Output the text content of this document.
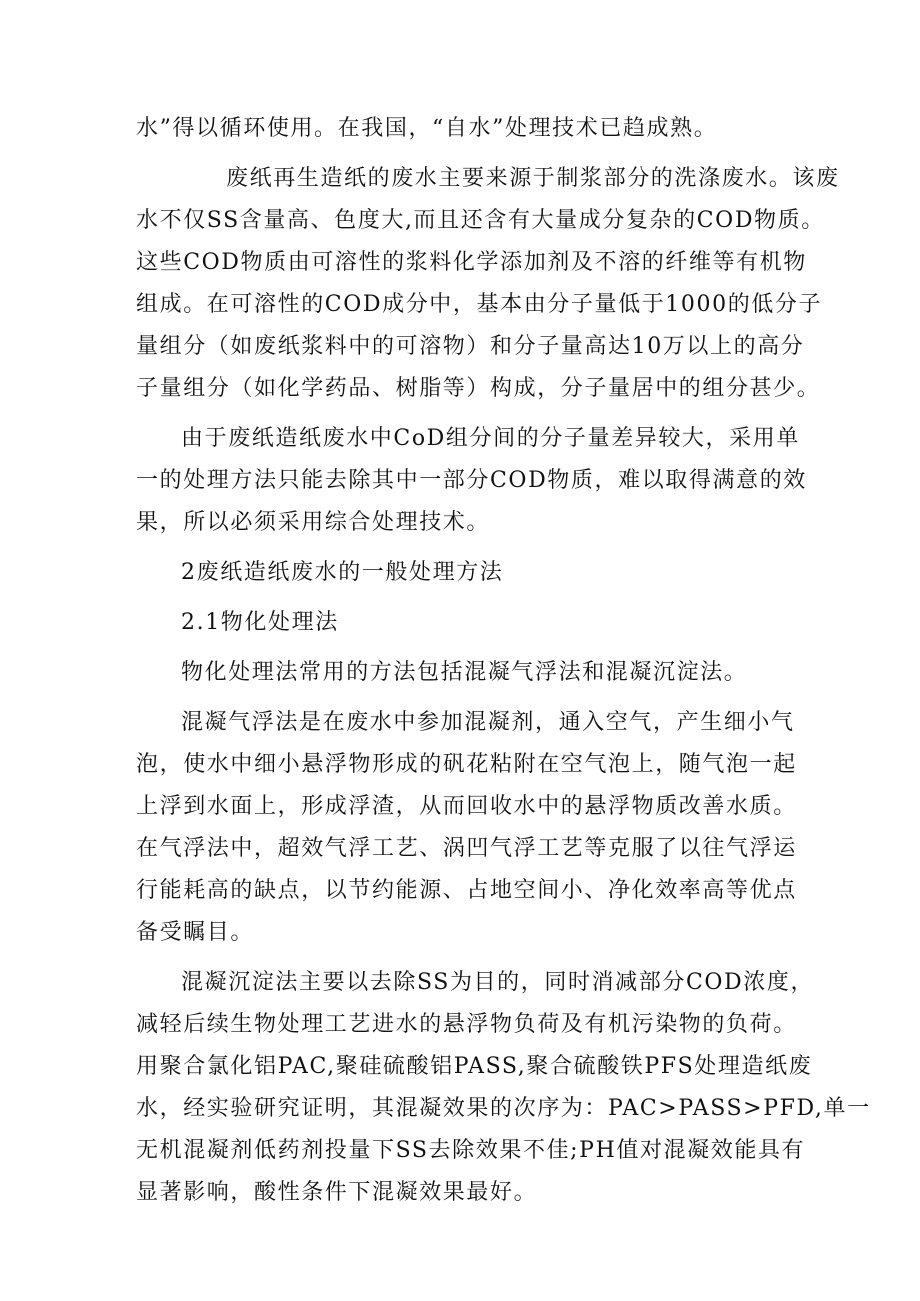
水”得以循环使用。在我国，“自水”处理技术已趋成熟。

废纸再生造纸的废水主要来源于制浆部分的洗涤废水。该废
水不仅SS含量高、色度大,而且还含有大量成分复杂的COD物质。
这些COD物质由可溶性的浆料化学添加剂及不溶的纤维等有机物
组成。在可溶性的COD成分中，基本由分子量低于1000的低分子
量组分（如废纸浆料中的可溶物）和分子量高达10万以上的高分
子量组分（如化学药品、树脂等）构成，分子量居中的组分甚少。

由于废纸造纸废水中CoD组分间的分子量差异较大，采用单
一的处理方法只能去除其中一部分COD物质，难以取得满意的效
果，所以必须采用综合处理技术。

2废纸造纸废水的一般处理方法

2.1物化处理法

物化处理法常用的方法包括混凝气浮法和混凝沉淀法。

混凝气浮法是在废水中参加混凝剂，通入空气，产生细小气
泡，使水中细小悬浮物形成的矾花粘附在空气泡上，随气泡一起
上浮到水面上，形成浮渣，从而回收水中的悬浮物质改善水质。
在气浮法中，超效气浮工艺、涡凹气浮工艺等克服了以往气浮运
行能耗高的缺点，以节约能源、占地空间小、净化效率高等优点
备受瞩目。

混凝沉淀法主要以去除SS为目的，同时消减部分COD浓度，
减轻后续生物处理工艺进水的悬浮物负荷及有机污染物的负荷。
用聚合氯化铝PAC,聚硅硫酸铝PASS,聚合硫酸铁PFS处理造纸废
水，经实验研究证明，其混凝效果的次序为：PAC>PASS>PFD,单一
无机混凝剂低药剂投量下SS去除效果不佳;PH值对混凝效能具有
显著影响，酸性条件下混凝效果最好。
